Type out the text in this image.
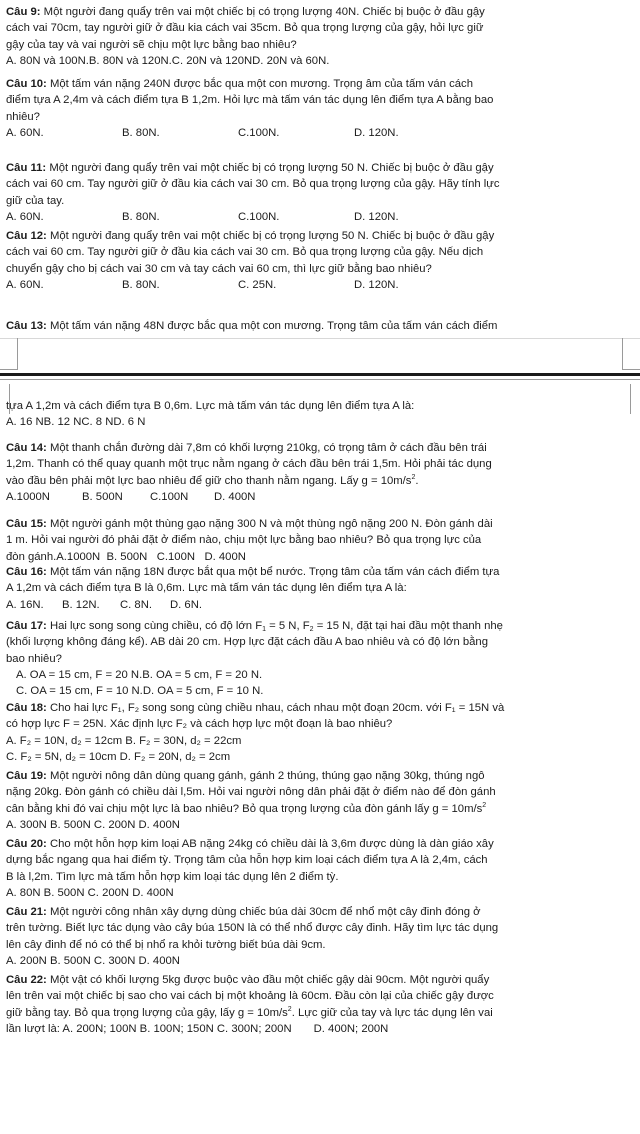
Câu 9: Một người đang quẩy trên vai một chiếc bị có trọng lượng 40N. Chiếc bị buộc ở đầu gậy
cách vai 70cm, tay người giữ ở đầu kia cách vai 35cm. Bỏ qua trọng lượng của gậy, hỏi lực giữ
gậy của tay và vai người sẽ chịu một lực bằng bao nhiêu?
A. 80N và 100N.B. 80N và 120N.C. 20N và 120ND. 20N và 60N.
Câu 10: Một tấm ván nặng 240N được bắc qua một con mương. Trọng âm của tấm ván cách
điểm tựa A 2,4m và cách điểm tựa B 1,2m. Hỏi lực mà tấm ván tác dụng lên điểm tựa A bằng bao
nhiêu?
A. 60N.	B. 80N.	C.100N.	D. 120N.
Câu 11: Một người đang quẩy trên vai một chiếc bị có trọng lượng 50 N. Chiếc bị buộc ở đầu gậy
cách vai 60 cm. Tay người giữ ở đầu kia cách vai 30 cm. Bỏ qua trọng lượng của gậy. Hãy tính lực
giữ của tay.
A. 60N.	B. 80N.	C.100N.	D. 120N.
Câu 12: Một người đang quẩy trên vai một chiếc bị có trọng lượng 50 N. Chiếc bị buộc ở đầu gậy
cách vai 60 cm. Tay người giữ ở đầu kia cách vai 30 cm. Bỏ qua trọng lượng của gậy. Nếu dịch
chuyển gậy cho bị cách vai 30 cm và tay cách vai 60 cm, thì lực giữ bằng bao nhiêu?
A. 60N.	B. 80N.	C. 25N.	D. 120N.
Câu 13: Một tấm ván nặng 48N được bắc qua một con mương. Trọng tâm của tấm ván cách điểm
tựa A 1,2m và cách điểm tựa B 0,6m. Lực mà tấm ván tác dụng lên điểm tựa A là:
A. 16 NB. 12 NC. 8 ND. 6 N
Câu 14: Một thanh chắn đường dài 7,8m có khối lượng 210kg, có trọng tâm ở cách đầu bên trái
1,2m. Thanh có thể quay quanh một trục nằm ngang ở cách đầu bên trái 1,5m. Hỏi phải tác dụng
vào đầu bên phải một lực bao nhiêu để giữ cho thanh nằm ngang. Lấy $g = 10m/s^2$.
A.1000N	B. 500N	C.100N	D. 400N
Câu 15: Một người gánh một thùng gạo nặng 300 N và một thùng ngô nặng 200 N. Đòn gánh dài
1 m. Hỏi vai người đó phải đặt ở điểm nào, chịu một lực bằng bao nhiêu? Bỏ qua trọng lực của
đòn gánh.A.1000N  B. 500N   C.100N   D. 400N
Câu 16: Một tấm ván nặng 18N được bắt qua một bể nước. Trọng tâm của tấm ván cách điểm tựa
A 1,2m và cách điểm tựa B là 0,6m. Lực mà tấm ván tác dụng lên điểm tựa A là:
A. 16N.	B. 12N.	C. 8N.	D. 6N.
Câu 17: Hai lực song song cùng chiều, có độ lớn $F_1 = 5$ N, $F_2 = 15$ N, đặt tại hai đầu một thanh nhẹ
(khối lượng không đáng kể). AB dài 20 cm. Hợp lực đặt cách đầu A bao nhiêu và có độ lớn bằng
bao nhiêu?
A. OA = 15 cm, F = 20 N.B. OA = 5 cm, F = 20 N.
C. OA = 15 cm, F = 10 N.D. OA = 5 cm, F = 10 N.
Câu 18: Cho hai lực F₁, F₂ song song cùng chiều nhau, cách nhau một đoạn 20cm. với F₁ = 15N và
có hợp lực F = 25N. Xác định lực F₂ và cách hợp lực một đoạn là bao nhiêu?
A. F₂ = 10N, d₂ = 12cm B. F₂ = 30N, d₂ = 22cm
C. F₂ = 5N, d₂ = 10cm D. F₂ = 20N, d₂ = 2cm
Câu 19: Một người nông dân dùng quang gánh, gánh 2 thúng, thúng gạo nặng 30kg, thúng ngô
nặng 20kg. Đòn gánh có chiều dài l,5m. Hỏi vai người nông dân phải đặt ở điểm nào để đòn gánh
cân bằng khi đó vai chịu một lực là bao nhiêu? Bỏ qua trọng lượng của đòn gánh lấy $g = 10m/s^2$
A. 300N B. 500N C. 200N D. 400N
Câu 20: Cho một hỗn hợp kim loại AB nặng 24kg có chiều dài là 3,6m được dùng là dàn giáo xây
dựng bắc ngang qua hai điểm tỳ. Trọng tâm của hỗn hợp kim loại cách điểm tựa A là 2,4m, cách
B là l,2m. Tìm lực mà tấm hỗn hợp kim loại tác dụng lên 2 điểm tỳ.
A. 80N B. 500N C. 200N D. 400N
Câu 21: Một người công nhân xây dựng dùng chiếc búa dài 30cm để nhổ một cây đinh đóng ở
trên tường. Biết lực tác dụng vào cây búa 150N là có thể nhổ được cây đinh. Hãy tìm lực tác dụng
lên cây đinh để nó có thể bị nhổ ra khỏi tường biết búa dài 9cm.
A. 200N B. 500N C. 300N D. 400N
Câu 22: Một vật có khối lượng 5kg được buộc vào đầu một chiếc gậy dài 90cm. Một người quẩy
lên trên vai một chiếc bị sao cho vai cách bị một khoảng là 60cm. Đầu còn lại của chiếc gậy được
giữ bằng tay. Bỏ qua trọng lượng của gậy, lấy $g = 10m/s^2$. Lực giữ của tay và lực tác dụng lên vai
lần lượt là: A. 200N; 100N B. 100N; 150N C. 300N; 200N       D. 400N; 200N
